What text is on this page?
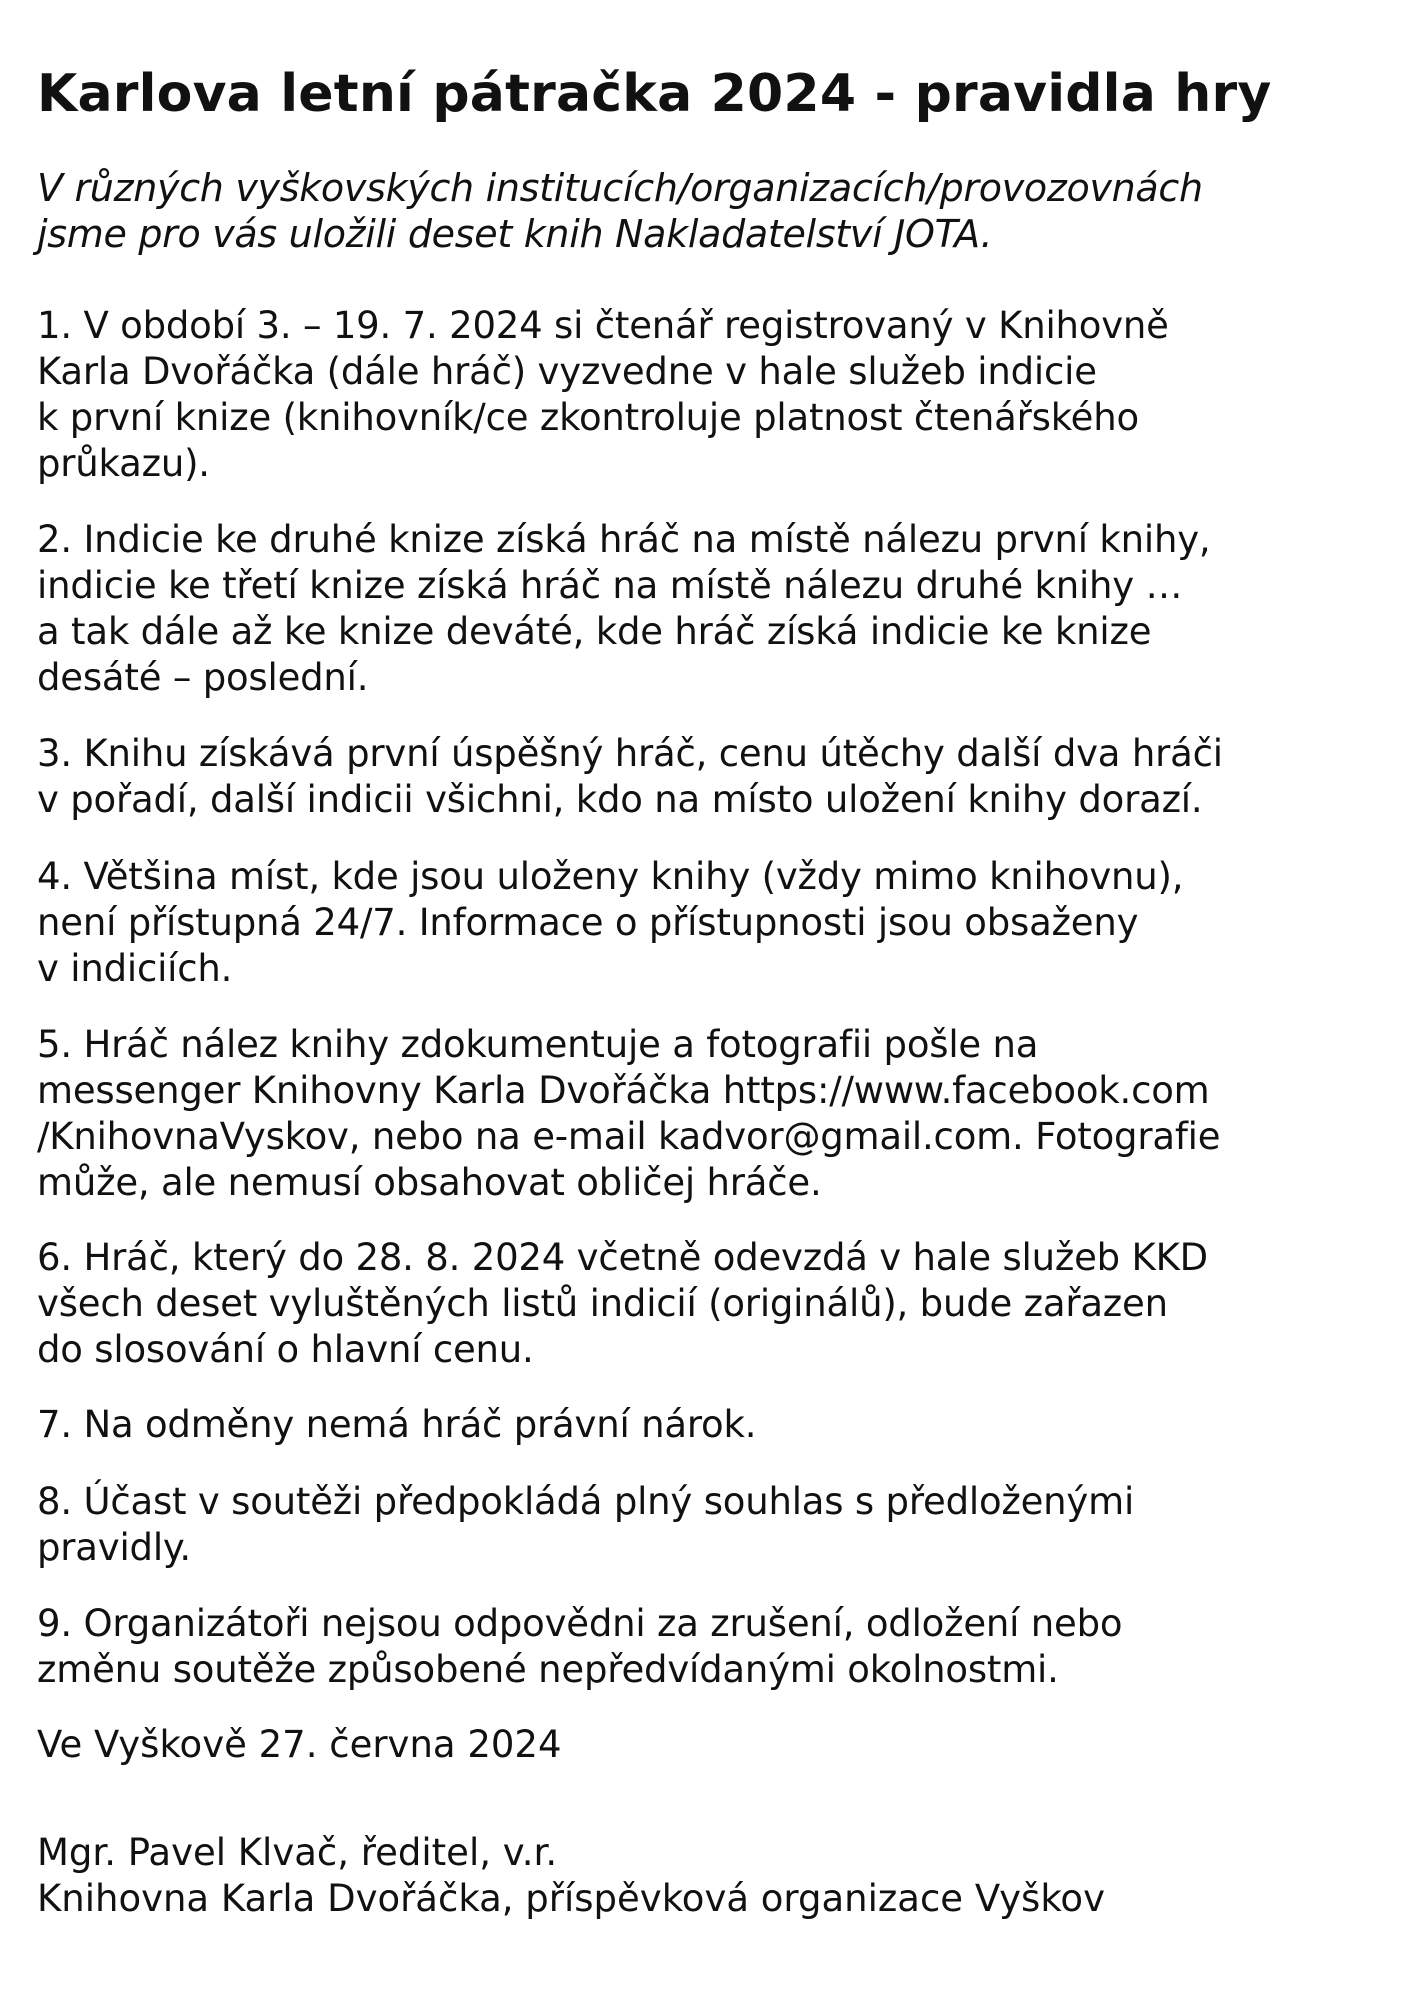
Karlova letní pátračka 2024 - pravidla hry

V různých vyškovských institucích/organizacích/provozovnách
jsme pro vás uložili deset knih Nakladatelství JOTA.

1. V období 3. – 19. 7. 2024 si čtenář registrovaný v Knihovně
Karla Dvořáčka (dále hráč) vyzvedne v hale služeb indicie
k první knize (knihovník/ce zkontroluje platnost čtenářského
průkazu).

2. Indicie ke druhé knize získá hráč na místě nálezu první knihy,
indicie ke třetí knize získá hráč na místě nálezu druhé knihy …
a tak dále až ke knize deváté, kde hráč získá indicie ke knize
desáté – poslední.

3. Knihu získává první úspěšný hráč, cenu útěchy další dva hráči
v pořadí, další indicii všichni, kdo na místo uložení knihy dorazí.

4. Většina míst, kde jsou uloženy knihy (vždy mimo knihovnu),
není přístupná 24/7. Informace o přístupnosti jsou obsaženy
v indiciích.

5. Hráč nález knihy zdokumentuje a fotografii pošle na
messenger Knihovny Karla Dvořáčka https://www.facebook.com
/KnihovnaVyskov, nebo na e-mail kadvor@gmail.com. Fotografie
může, ale nemusí obsahovat obličej hráče.

6. Hráč, který do 28. 8. 2024 včetně odevzdá v hale služeb KKD
všech deset vyluštěných listů indicií (originálů), bude zařazen
do slosování o hlavní cenu.

7. Na odměny nemá hráč právní nárok.

8. Účast v soutěži předpokládá plný souhlas s předloženými
pravidly.

9. Organizátoři nejsou odpovědni za zrušení, odložení nebo
změnu soutěže způsobené nepředvídanými okolnostmi.

Ve Vyškově 27. června 2024

Mgr. Pavel Klvač, ředitel, v.r.
Knihovna Karla Dvořáčka, příspěvková organizace Vyškov
